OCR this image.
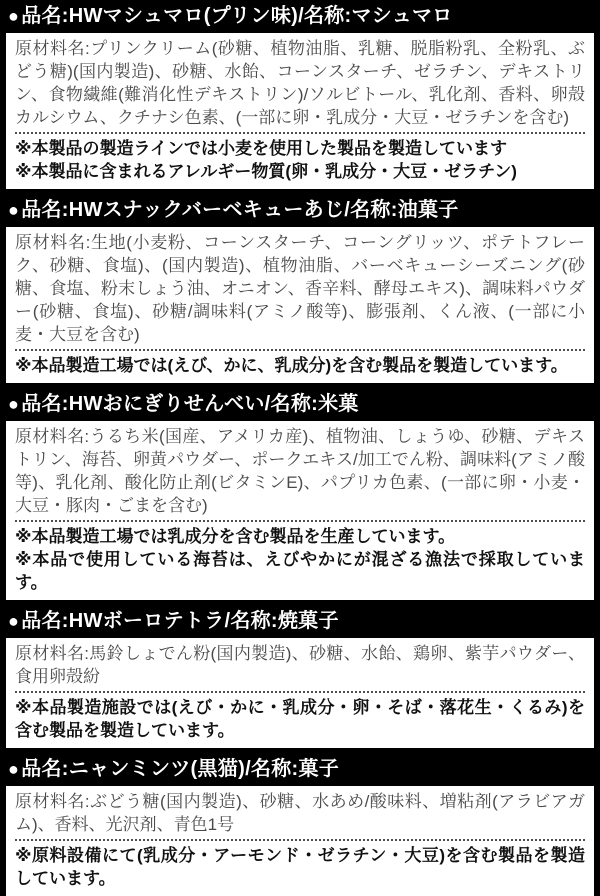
● 品名:HWマシュマロ(プリン味)/名称:マシュマロ
原材料名:プリンクリーム(砂糖、植物油脂、乳糖、脱脂粉乳、全粉乳、ぶどう糖)(国内製造)、砂糖、水飴、コーンスターチ、ゼラチン、デキストリン、食物繊維(難消化性デキストリン)/ソルビトール、乳化剤、香料、卵殻カルシウム、クチナシ色素、(一部に卵・乳成分・大豆・ゼラチンを含む)
※本製品の製造ラインでは小麦を使用した製品を製造しています
※本製品に含まれるアレルギー物質(卵・乳成分・大豆・ゼラチン)
● 品名:HWスナックバーベキューあじ/名称:油菓子
原材料名:生地(小麦粉、コーンスターチ、コーングリッツ、ポテトフレーク、砂糖、食塩)、(国内製造)、植物油脂、バーベキューシーズニング(砂糖、食塩、粉末しょう油、オニオン、香辛料、酵母エキス)、調味料パウダー(砂糖、食塩)、砂糖/調味料(アミノ酸等)、膨張剤、くん液、(一部に小麦・大豆を含む)
※本品製造工場では(えび、かに、乳成分)を含む製品を製造しています。
● 品名:HWおにぎりせんべい/名称:米菓
原材料名:うるち米(国産、アメリカ産)、植物油、しょうゆ、砂糖、デキストリン、海苔、卵黄パウダー、ポークエキス/加工でん粉、調味料(アミノ酸等)、乳化剤、酸化防止剤(ビタミンE)、パプリカ色素、(一部に卵・小麦・大豆・豚肉・ごまを含む)
※本品製造工場では乳成分を含む製品を生産しています。
※本品で使用している海苔は、えびやかにが混ざる漁法で採取しています。
● 品名:HWボーロテトラ/名称:焼菓子
原材料名:馬鈴しょでん粉(国内製造)、砂糖、水飴、鶏卵、紫芋パウダー、食用卵殻紛
※本品製造施設では(えび・かに・乳成分・卵・そば・落花生・くるみ)を含む製品を製造しています。
● 品名:ニャンミンツ(黒猫)/名称:菓子
原材料名:ぶどう糖(国内製造)、砂糖、水あめ/酸味料、増粘剤(アラビアガム)、香料、光沢剤、青色1号
※原料設備にて(乳成分・アーモンド・ゼラチン・大豆)を含む製品を製造しています。
